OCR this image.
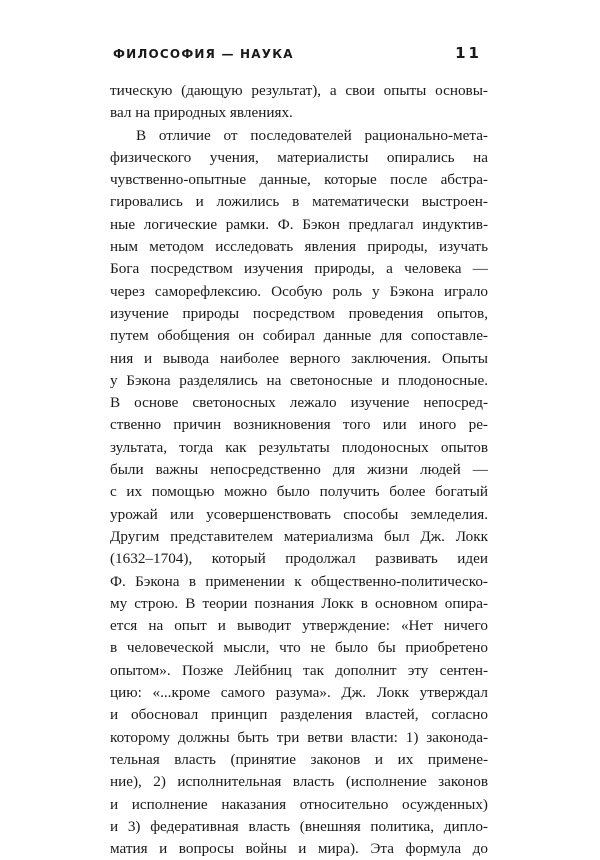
ФИЛОСОФИЯ — НАУКА	11
тическую (дающую результат), а свои опыты основы-
вал на природных явлениях.
В отличие от последователей рационально-мета-
физического учения, материалисты опирались на
чувственно-опытные данные, которые после абстра-
гировались и ложились в математически выстроен-
ные логические рамки. Ф. Бэкон предлагал индуктив-
ным методом исследовать явления природы, изучать
Бога посредством изучения природы, а человека —
через саморефлексию. Особую роль у Бэкона играло
изучение природы посредством проведения опытов,
путем обобщения он собирал данные для сопоставле-
ния и вывода наиболее верного заключения. Опыты
у Бэкона разделялись на светоносные и плодоносные.
В основе светоносных лежало изучение непосред-
ственно причин возникновения того или иного ре-
зультата, тогда как результаты плодоносных опытов
были важны непосредственно для жизни людей —
с их помощью можно было получить более богатый
урожай или усовершенствовать способы земледелия.
Другим представителем материализма был Дж. Локк
(1632–1704), который продолжал развивать идеи
Ф. Бэкона в применении к общественно-политическо-
му строю. В теории познания Локк в основном опира-
ется на опыт и выводит утверждение: «Нет ничего
в человеческой мысли, что не было бы приобретено
опытом». Позже Лейбниц так дополнит эту сентен-
цию: «...кроме самого разума». Дж. Локк утверждал
и обосновал принцип разделения властей, согласно
которому должны быть три ветви власти: 1) законода-
тельная власть (принятие законов и их примене-
ние), 2) исполнительная власть (исполнение законов
и исполнение наказания относительно осужденных)
и 3) федеративная власть (внешняя политика, дипло-
матия и вопросы войны и мира). Эта формула до
